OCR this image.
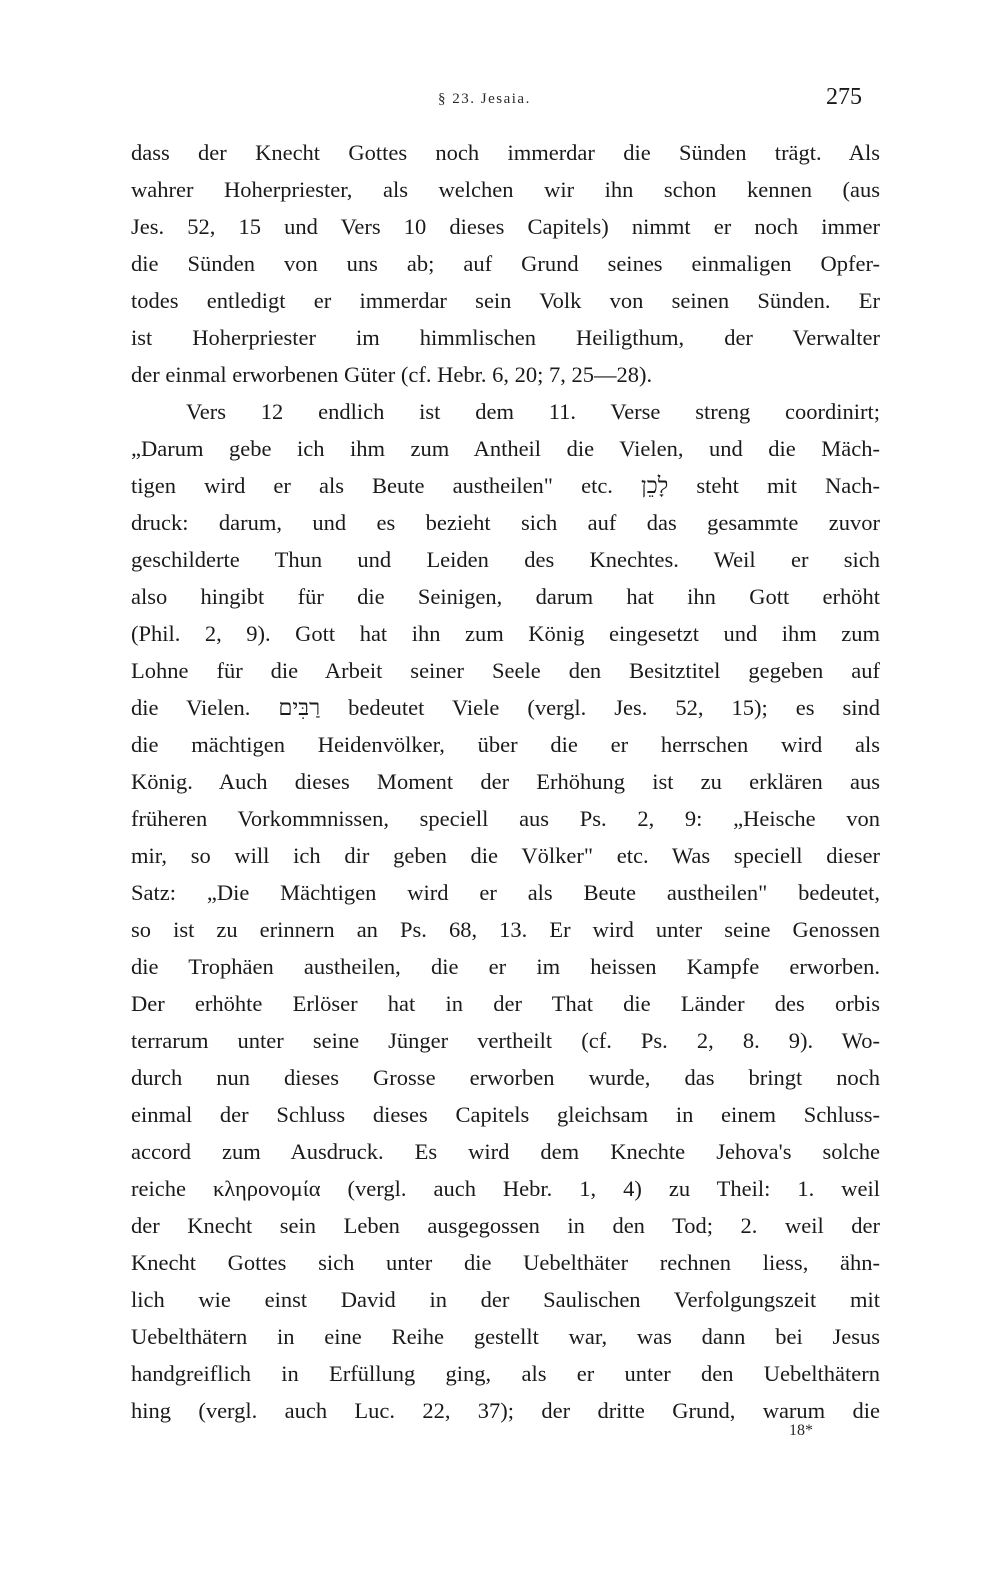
§ 23. Jesaia.	275
dass der Knecht Gottes noch immerdar die Sünden trägt. Als
wahrer Hoherpriester, als welchen wir ihn schon kennen (aus
Jes. 52, 15 und Vers 10 dieses Capitels) nimmt er noch immer
die Sünden von uns ab; auf Grund seines einmaligen Opfer-
todes entledigt er immerdar sein Volk von seinen Sünden. Er
ist Hoherpriester im himmlischen Heiligthum, der Verwalter
der einmal erworbenen Güter (cf. Hebr. 6, 20; 7, 25—28).
Vers 12 endlich ist dem 11. Verse streng coordinirt;
„Darum gebe ich ihm zum Antheil die Vielen, und die Mäch-
tigen wird er als Beute austheilen" etc. לָכֵן steht mit Nach-
druck: darum, und es bezieht sich auf das gesammte zuvor
geschilderte Thun und Leiden des Knechtes. Weil er sich
also hingibt für die Seinigen, darum hat ihn Gott erhöht
(Phil. 2, 9). Gott hat ihn zum König eingesetzt und ihm zum
Lohne für die Arbeit seiner Seele den Besitztitel gegeben auf
die Vielen. רַבִּים bedeutet Viele (vergl. Jes. 52, 15); es sind
die mächtigen Heidenvölker, über die er herrschen wird als
König. Auch dieses Moment der Erhöhung ist zu erklären aus
früheren Vorkommnissen, speciell aus Ps. 2, 9: „Heische von
mir, so will ich dir geben die Völker" etc. Was speciell dieser
Satz: „Die Mächtigen wird er als Beute austheilen" bedeutet,
so ist zu erinnern an Ps. 68, 13. Er wird unter seine Genossen
die Trophäen austheilen, die er im heissen Kampfe erworben.
Der erhöhte Erlöser hat in der That die Länder des orbis
terrarum unter seine Jünger vertheilt (cf. Ps. 2, 8. 9). Wo-
durch nun dieses Grosse erworben wurde, das bringt noch
einmal der Schluss dieses Capitels gleichsam in einem Schluss-
accord zum Ausdruck. Es wird dem Knechte Jehova's solche
reiche κληρονομία (vergl. auch Hebr. 1, 4) zu Theil: 1. weil
der Knecht sein Leben ausgegossen in den Tod; 2. weil der
Knecht Gottes sich unter die Uebelthäter rechnen liess, ähn-
lich wie einst David in der Saulischen Verfolgungszeit mit
Uebelthätern in eine Reihe gestellt war, was dann bei Jesus
handgreiflich in Erfüllung ging, als er unter den Uebelthätern
hing (vergl. auch Luc. 22, 37); der dritte Grund, warum die
18*
